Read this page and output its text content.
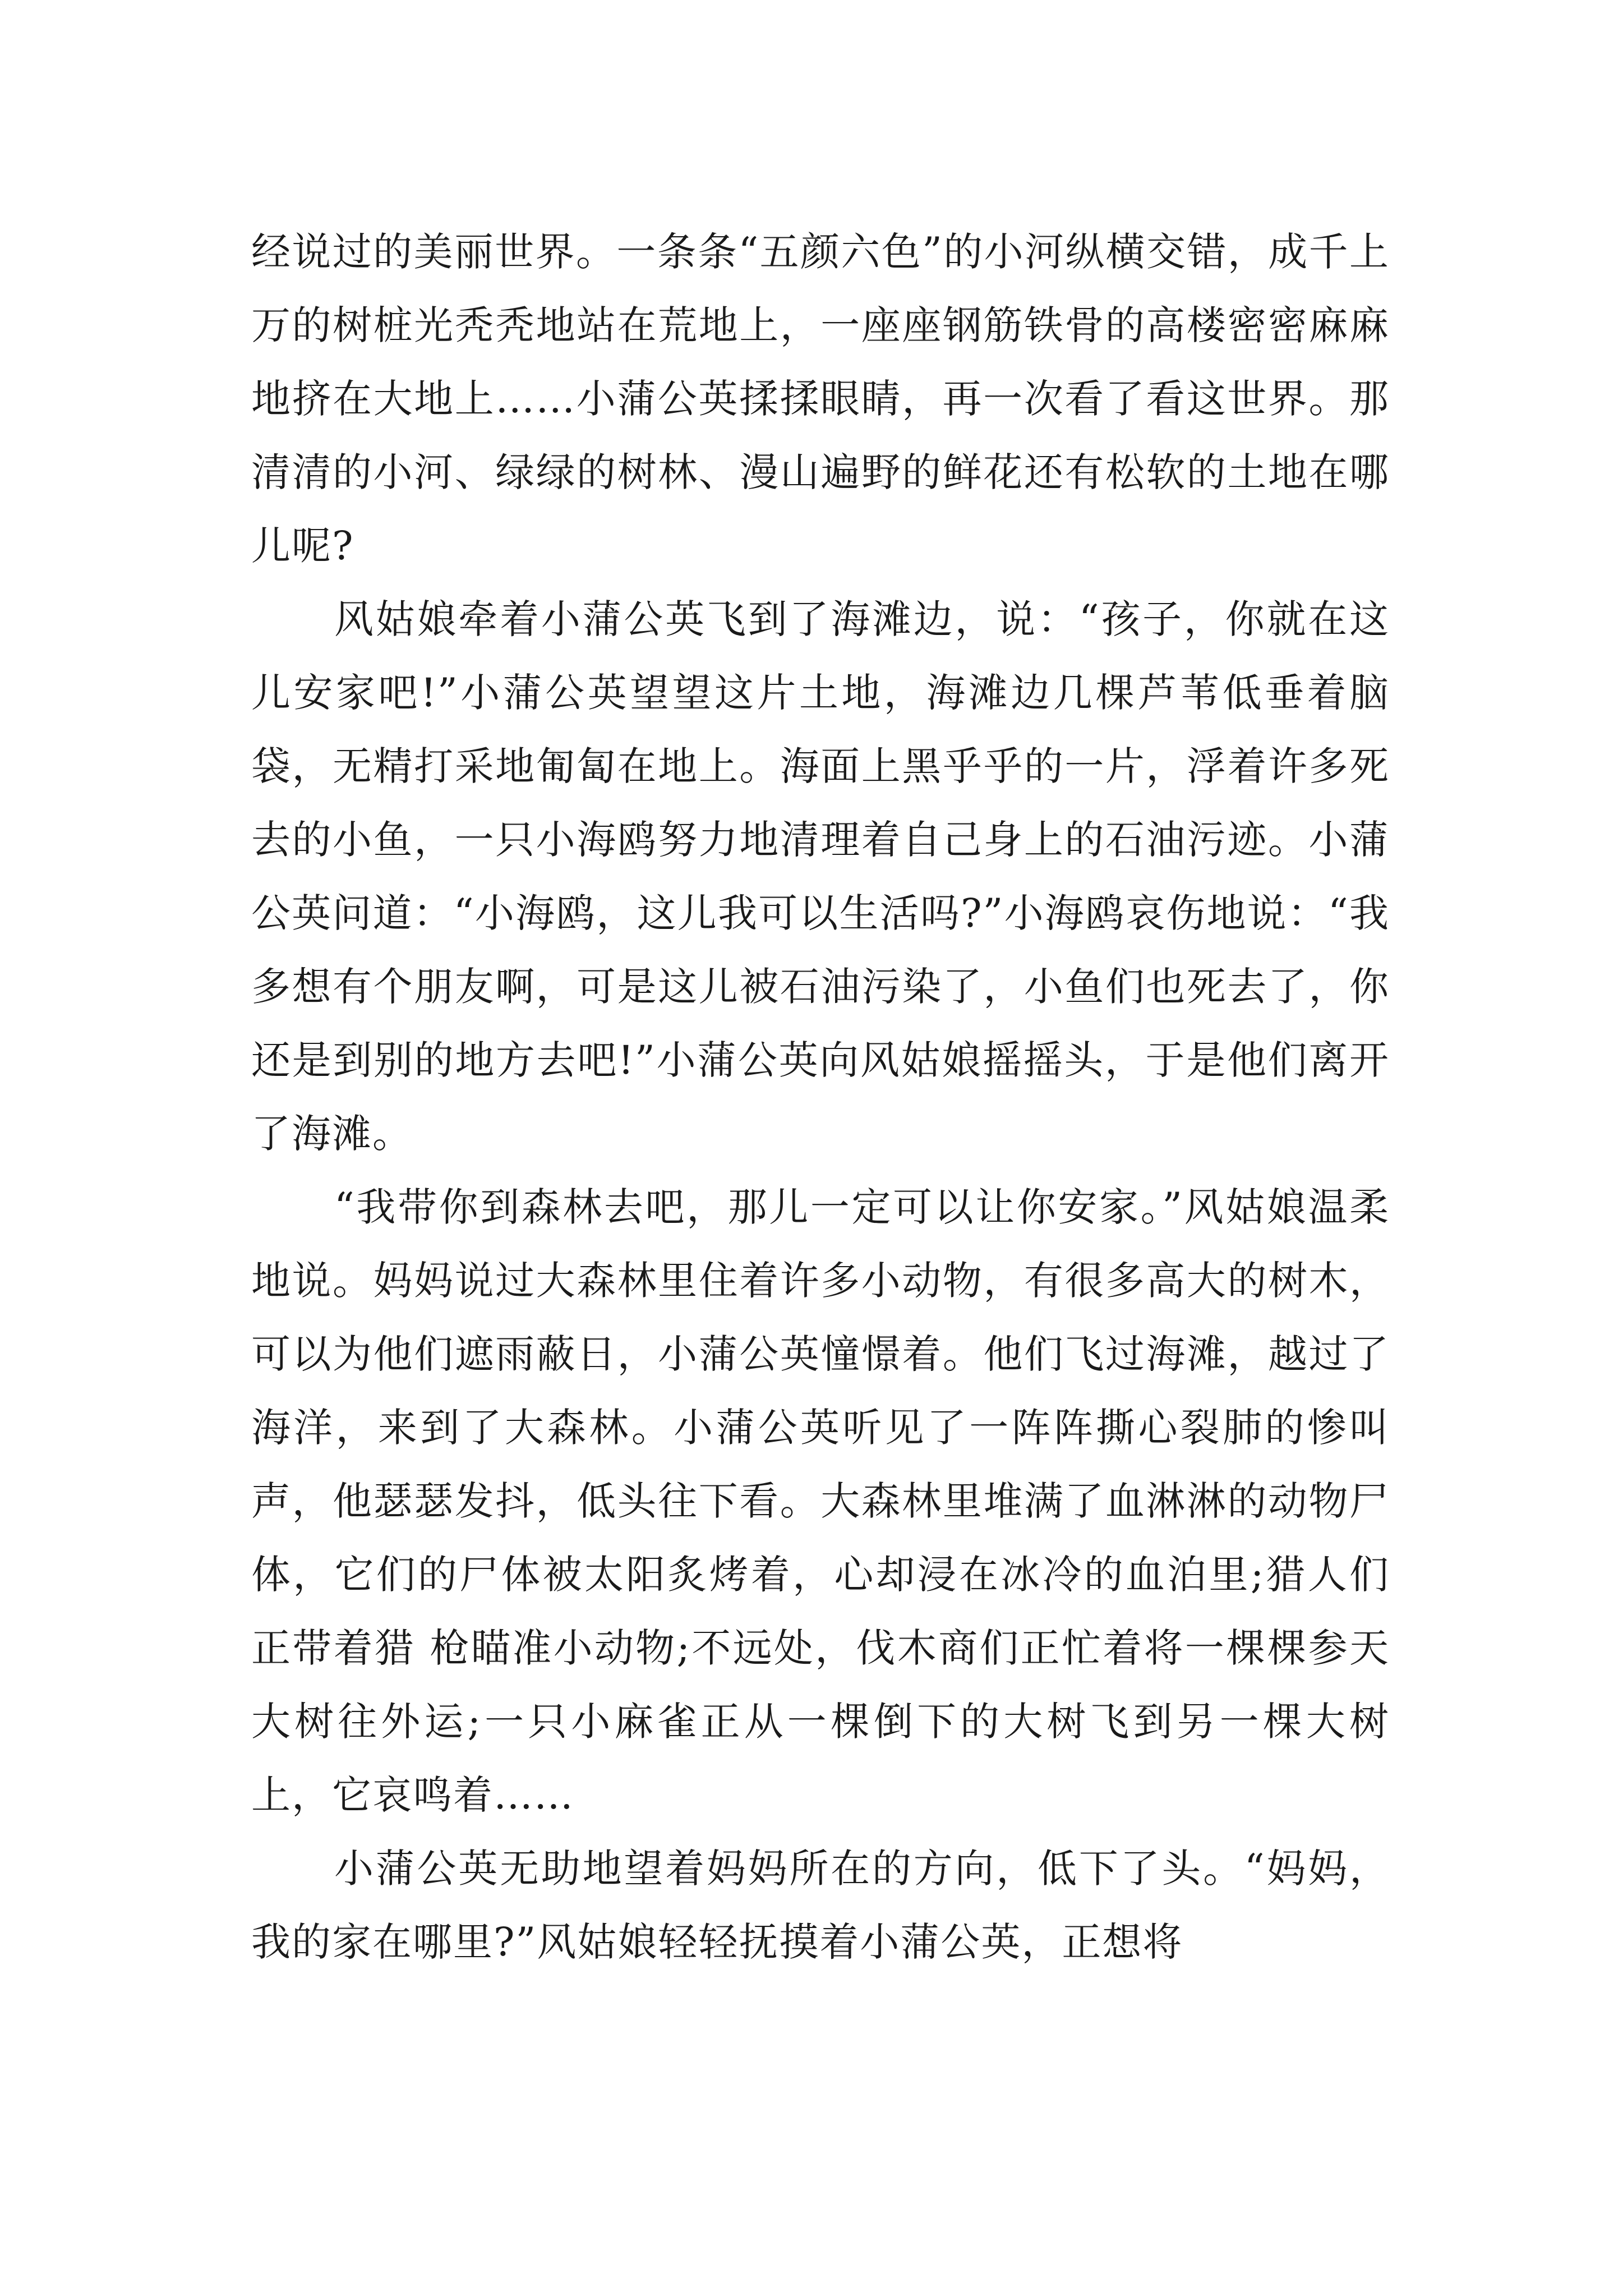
经说过的美丽世界。一条条“五颜六色”的小河纵横交错，成千上万的树桩光秃秃地站在荒地上，一座座钢筋铁骨的高楼密密麻麻地挤在大地上……小蒲公英揉揉眼睛，再一次看了看这世界。那清清的小河、绿绿的树林、漫山遍野的鲜花还有松软的土地在哪儿呢?

风姑娘牵着小蒲公英飞到了海滩边，说：“孩子，你就在这儿安家吧!”小蒲公英望望这片土地，海滩边几棵芦苇低垂着脑袋，无精打采地匍匐在地上。海面上黑乎乎的一片，浮着许多死去的小鱼，一只小海鸥努力地清理着自己身上的石油污迹。小蒲公英问道：“小海鸥，这儿我可以生活吗?”小海鸥哀伤地说：“我多想有个朋友啊，可是这儿被石油污染了，小鱼们也死去了，你还是到别的地方去吧!”小蒲公英向风姑娘摇摇头，于是他们离开了海滩。

“我带你到森林去吧，那儿一定可以让你安家。”风姑娘温柔地说。妈妈说过大森林里住着许多小动物，有很多高大的树木，可以为他们遮雨蔽日，小蒲公英憧憬着。他们飞过海滩，越过了海洋，来到了大森林。小蒲公英听见了一阵阵撕心裂肺的惨叫声，他瑟瑟发抖，低头往下看。大森林里堆满了血淋淋的动物尸体，它们的尸体被太阳炙烤着，心却浸在冰冷的血泊里;猎人们正带着猎 枪瞄准小动物;不远处，伐木商们正忙着将一棵棵参天大树往外运;一只小麻雀正从一棵倒下的大树飞到另一棵大树上，它哀鸣着……

小蒲公英无助地望着妈妈所在的方向，低下了头。“妈妈，我的家在哪里?”风姑娘轻轻抚摸着小蒲公英，正想将
